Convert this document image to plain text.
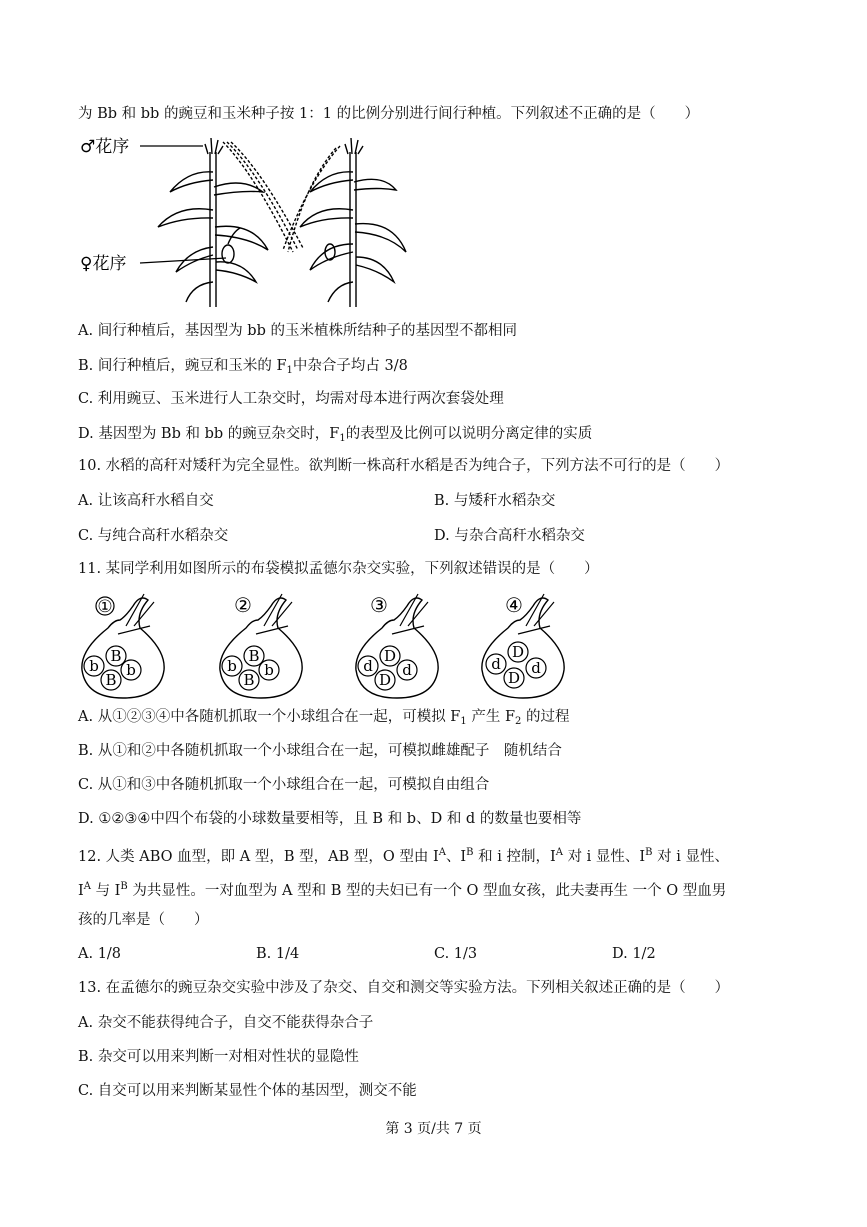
为 Bb 和 bb 的豌豆和玉米种子按 1：1 的比例分别进行间行种植。下列叙述不正确的是（　　）
♂花序
♀花序
A. 间行种植后，基因型为 bb 的玉米植株所结种子的基因型不都相同
B. 间行种植后，豌豆和玉米的 $F_1$中杂合子均占 3/8
C. 利用豌豆、玉米进行人工杂交时，均需对母本进行两次套袋处理
D. 基因型为 Bb 和 bb 的豌豆杂交时，$F_1$的表型及比例可以说明分离定律的实质
10. 水稻的高秆对矮秆为完全显性。欲判断一株高秆水稻是否为纯合子，下列方法不可行的是（　　）
A. 让该高秆水稻自交	B. 与矮秆水稻杂交
C. 与纯合高秆水稻杂交	D. 与杂合高秆水稻杂交
11. 某同学利用如图所示的布袋模拟孟德尔杂交实验，下列叙述错误的是（　　）
①
b
B
b
B
②
b
B
b
B
③
d
D
D
d
④
d
D
D
d
A. 从①②③④中各随机抓取一个小球组合在一起，可模拟 $F_1$ 产生 $F_2$ 的过程
B. 从①和②中各随机抓取一个小球组合在一起，可模拟雌雄配子　随机结合
C. 从①和③中各随机抓取一个小球组合在一起，可模拟自由组合
D. ①②③④中四个布袋的小球数量要相等，且 B 和 b、D 和 d 的数量也要相等
12. 人类 ABO 血型，即 A 型，B 型，AB 型，O 型由 $I^A$、$I^B$ 和 i 控制，$I^A$ 对 i 显性、$I^B$ 对 i 显性、
$I^A$ 与 $I^B$ 为共显性。一对血型为 A 型和 B 型的夫妇已有一个 O 型血女孩，此夫妻再生 一个 O 型血男
孩的几率是（　　）
A. 1/8	B. 1/4	C. 1/3	D. 1/2
13. 在孟德尔的豌豆杂交实验中涉及了杂交、自交和测交等实验方法。下列相关叙述正确的是（　　）
A. 杂交不能获得纯合子，自交不能获得杂合子
B. 杂交可以用来判断一对相对性状的显隐性
C. 自交可以用来判断某显性个体的基因型，测交不能
第 3 页/共 7 页
